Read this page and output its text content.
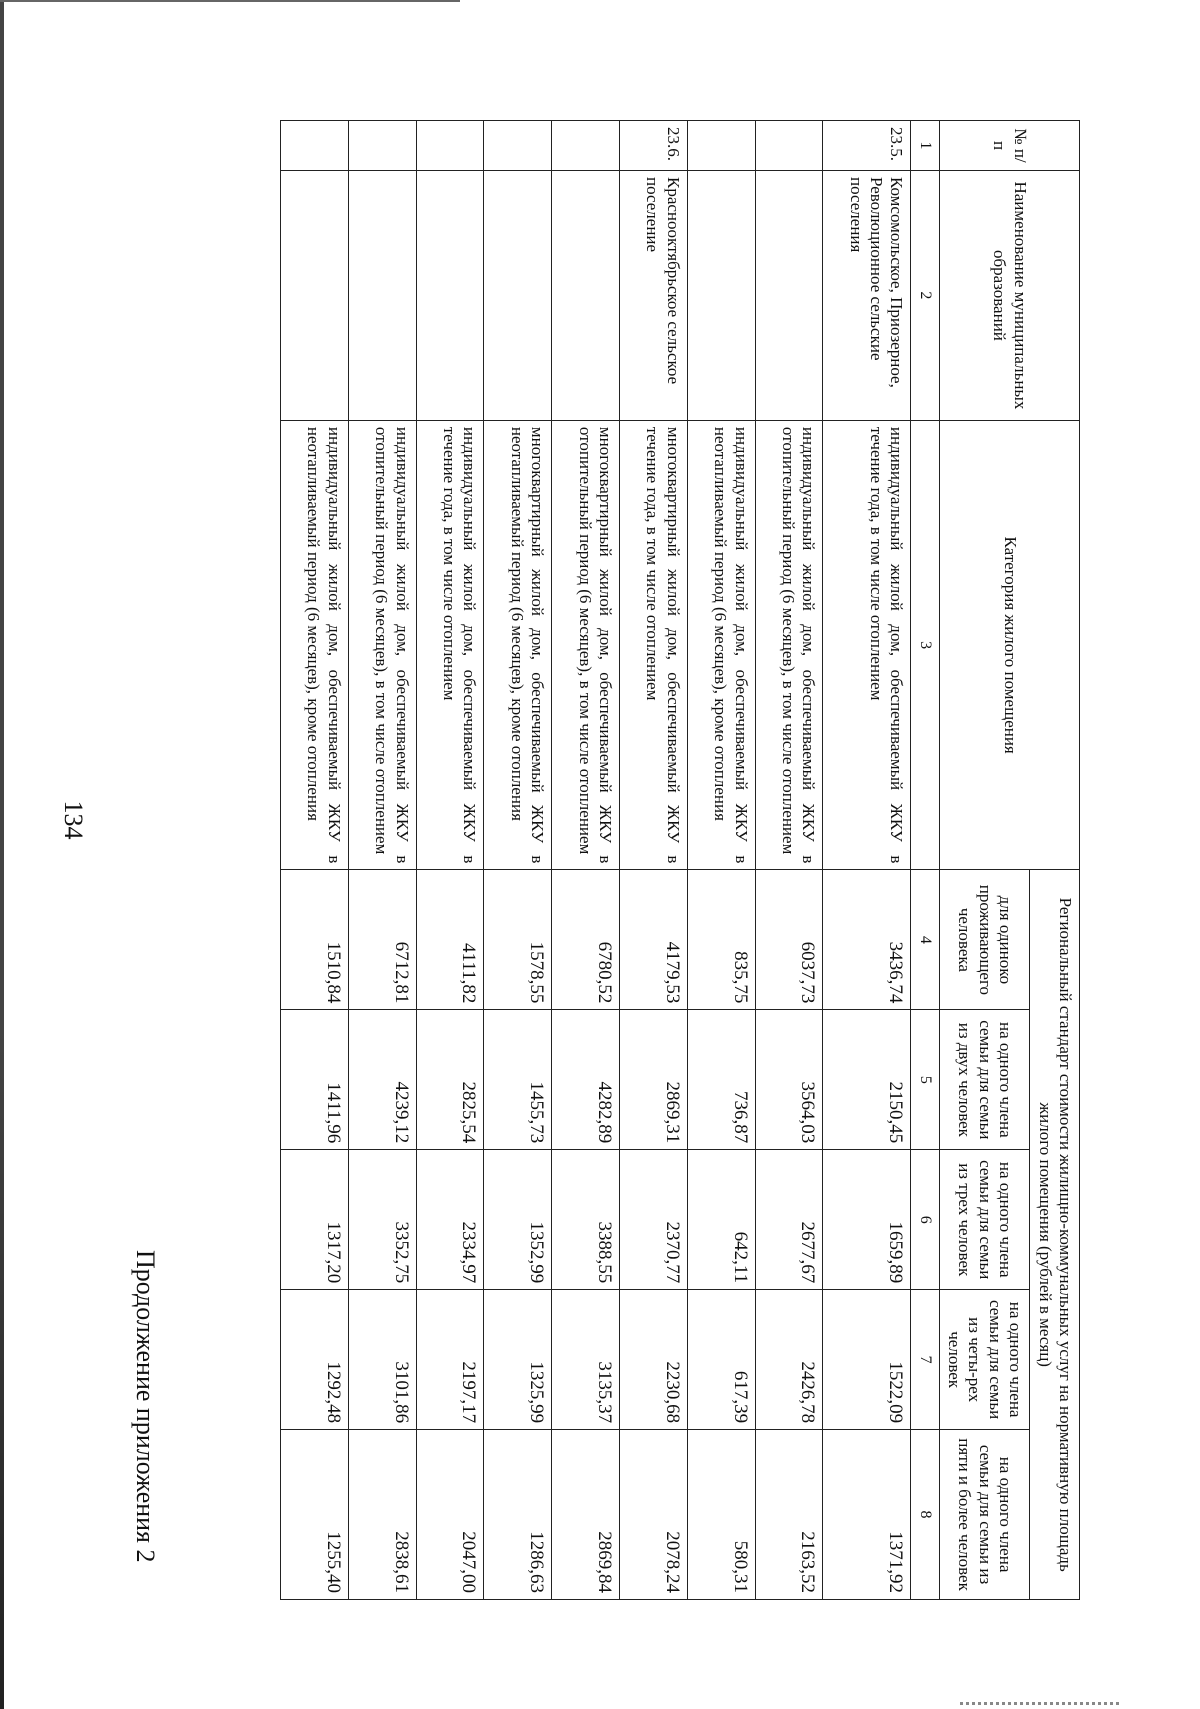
134
Продолжение приложения 2
№ п/п	Наименование муниципальных образований	Категория жилого помещения	Региональный стандарт стоимости жилищно-коммунальных услуг на нормативную площадь жилого помещения (рублей в месяц)				
			для одиноко проживающего человека	на одного члена семьи для семьи из двух человек	на одного члена семьи для семьи из трех человек	на одного члена семьи для семьи из четы-рех человек	на одного члена семьи для семьи из пяти и более человек
1	2	3	4	5	6	7	8
23.5.	Комсомольское, Приозерное, Революционное сельские поселения	индивидуальный жилой дом, обеспечиваемый ЖКУ в течение года, в том числе отоплением	3436,74	2150,45	1659,89	1522,09	1371,92
		индивидуальный жилой дом, обеспечиваемый ЖКУ в отопительный период (6 месяцев), в том числе отоплением	6037,73	3564,03	2677,67	2426,78	2163,52
		индивидуальный жилой дом, обеспечиваемый ЖКУ в неотапливаемый период (6 месяцев), кроме отопления	835,75	736,87	642,11	617,39	580,31
23.6.	Краснооктябрьское сельское поселение	многоквартирный жилой дом, обеспечиваемый ЖКУ в течение года, в том числе отоплением	4179,53	2869,31	2370,77	2230,68	2078,24
		многоквартирный жилой дом, обеспечиваемый ЖКУ в отопительный период (6 месяцев), в том числе отоплением	6780,52	4282,89	3388,55	3135,37	2869,84
		многоквартирный жилой дом, обеспечиваемый ЖКУ в неотапливаемый период (6 месяцев), кроме отопления	1578,55	1455,73	1352,99	1325,99	1286,63
		индивидуальный жилой дом, обеспечиваемый ЖКУ в течение года, в том числе отоплением	4111,82	2825,54	2334,97	2197,17	2047,00
		индивидуальный жилой дом, обеспечиваемый ЖКУ в отопительный период (6 месяцев), в том числе отоплением	6712,81	4239,12	3352,75	3101,86	2838,61
		индивидуальный жилой дом, обеспечиваемый ЖКУ в неотапливаемый период (6 месяцев), кроме отопления	1510,84	1411,96	1317,20	1292,48	1255,40
